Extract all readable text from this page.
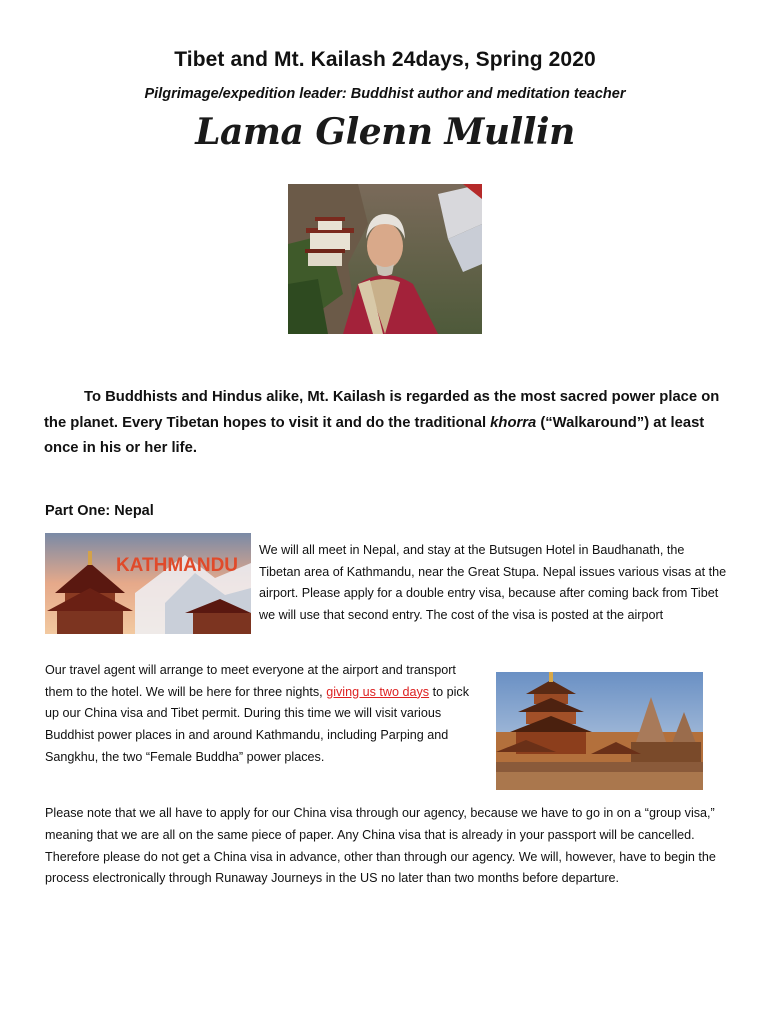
Tibet and Mt. Kailash 24days, Spring 2020
Pilgrimage/expedition leader: Buddhist author and meditation teacher
Lama Glenn Mullin
To Buddhists and Hindus alike, Mt. Kailash is regarded as the most sacred power place on the planet. Every Tibetan hopes to visit it and do the traditional khorra (“Walkaround”) at least once in his or her life.
Part One: Nepal
KATHMANDU
We will all meet in Nepal, and stay at the Butsugen Hotel in Baudhanath, the Tibetan area of Kathmandu, near the Great Stupa. Nepal issues various visas at the airport. Please apply for a double entry visa, because after coming back from Tibet we will use that second entry. The cost of the visa is posted at the airport
Our travel agent will arrange to meet everyone at the airport and transport them to the hotel. We will be here for three nights, giving us two days to pick up our China visa and Tibet permit. During this time we will visit various Buddhist power places in and around Kathmandu, including Parping and Sangkhu, the two “Female Buddha” power places.
Please note that we all have to apply for our China visa through our agency, because we have to go in on a “group visa,” meaning that we are all on the same piece of paper. Any China visa that is already in your passport will be cancelled. Therefore please do not get a China visa in advance, other than through our agency. We will, however, have to begin the process electronically through Runaway Journeys in the US no later than two months before departure.
